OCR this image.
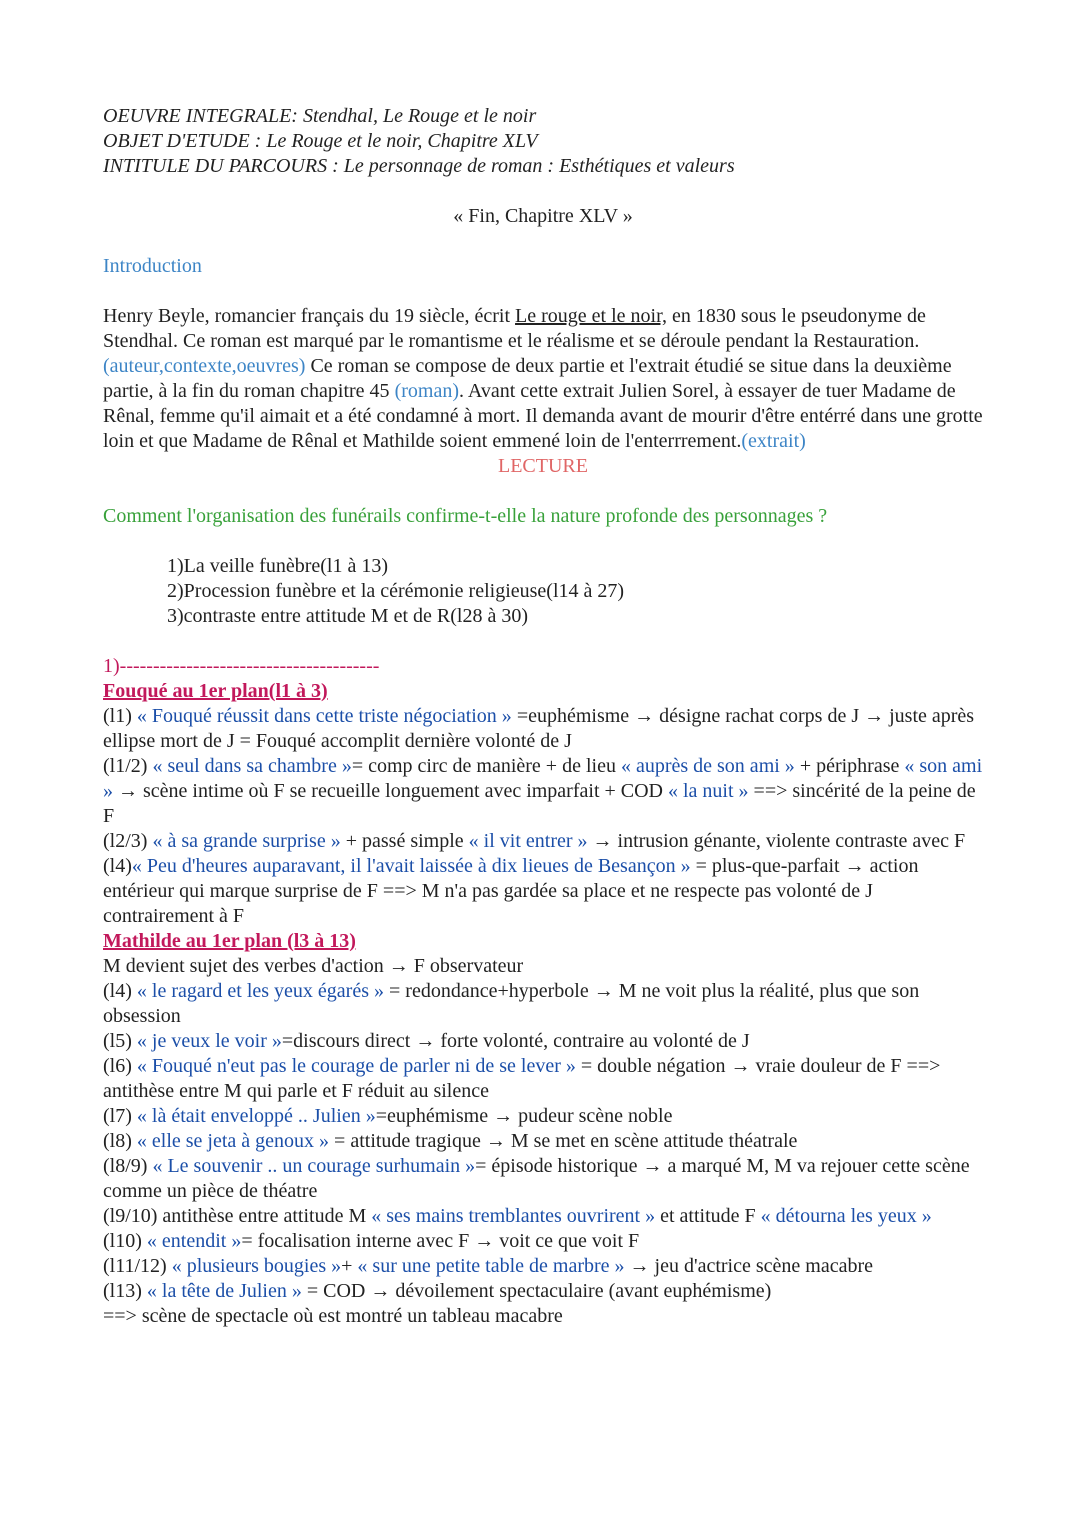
OEUVRE INTEGRALE: Stendhal, Le Rouge et le noir

OBJET D'ETUDE : Le Rouge et le noir, Chapitre XLV

INTITULE DU PARCOURS : Le personnage de roman : Esthétiques et valeurs

« Fin, Chapitre XLV »

Introduction

Henry Beyle, romancier français du 19 siècle, écrit Le rouge et le noir, en 1830 sous le pseudonyme de Stendhal. Ce roman est marqué par le romantisme et le réalisme et se déroule pendant la Restauration.(auteur,contexte,oeuvres) Ce roman se compose de deux partie et l'extrait étudié se situe dans la deuxième partie, à la fin du roman chapitre 45 (roman). Avant cette extrait Julien Sorel, à essayer de tuer Madame de Rênal, femme qu'il aimait et a été condamné à mort. Il demanda avant de mourir d'être entérré dans une grotte loin et que Madame de Rênal et Mathilde soient emmené loin de l'enterrrement.(extrait)

LECTURE

Comment l'organisation des funérails confirme-t-elle la nature profonde des personnages ?

1)La veille funèbre(l1 à 13)

2)Procession funèbre et la cérémonie religieuse(l14 à 27)

3)contraste entre attitude M et de R(l28 à 30)

1)---------------------------------------

Fouqué au 1er plan(l1 à 3)

(l1) « Fouqué réussit dans cette triste négociation » =euphémisme → désigne rachat corps de J → juste après ellipse mort de J = Fouqué accomplit dernière volonté de J

(l1/2) « seul dans sa chambre »= comp circ de manière + de lieu « auprès de son ami » + périphrase « son ami » → scène intime où F se recueille longuement avec imparfait + COD « la nuit » ==> sincérité de la peine de F

(l2/3) « à sa grande surprise » + passé simple « il vit entrer » → intrusion génante, violente contraste avec F

(l4)« Peu d'heures auparavant, il l'avait laissée à dix lieues de Besançon » = plus-que-parfait → action entérieur qui marque surprise de F ==> M n'a pas gardée sa place et ne respecte pas volonté de J contrairement à F

Mathilde au 1er plan (l3 à 13)

M devient sujet des verbes d'action → F observateur

(l4) « le ragard et les yeux égarés » = redondance+hyperbole → M ne voit plus la réalité, plus que son obsession

(l5) « je veux le voir »=discours direct → forte volonté, contraire au volonté de J

(l6) « Fouqué n'eut pas le courage de parler ni de se lever » = double négation → vraie douleur de F ==> antithèse entre M qui parle et F réduit au silence

(l7) « là était enveloppé .. Julien »=euphémisme → pudeur scène noble

(l8) « elle se jeta à genoux » = attitude tragique → M se met en scène attitude théatrale

(l8/9) « Le souvenir .. un courage surhumain »= épisode historique → a marqué M, M va rejouer cette scène comme un pièce de théatre

(l9/10) antithèse entre attitude M « ses mains tremblantes ouvrirent » et attitude F « détourna les yeux »

(l10) « entendit »= focalisation interne avec F → voit ce que voit F

(l11/12) « plusieurs bougies »+ « sur une petite table de marbre » → jeu d'actrice scène macabre

(l13) « la tête de Julien » = COD → dévoilement spectaculaire (avant euphémisme)

==> scène de spectacle où est montré un tableau macabre
